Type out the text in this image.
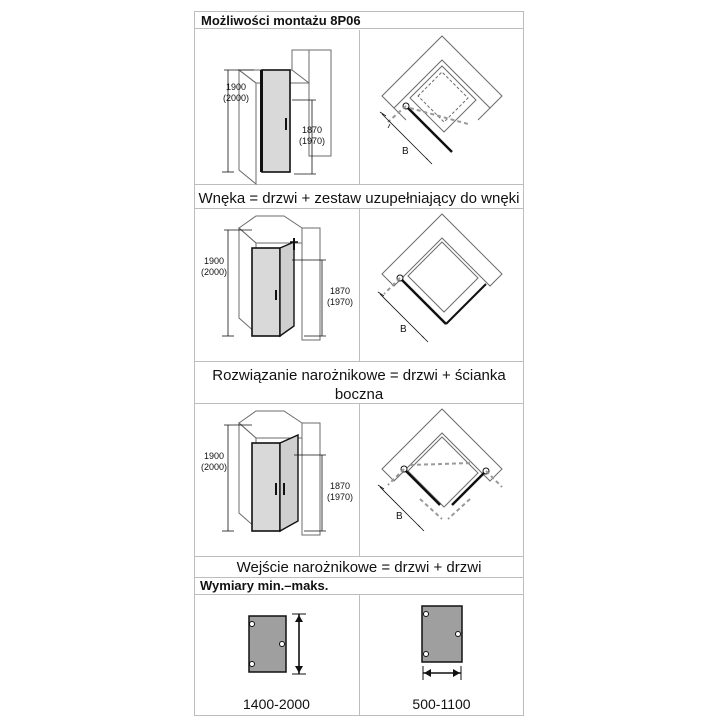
Możliwości montażu 8P06
1900
(2000)
1870
(1970)
B
Wnęka = drzwi + zestaw uzupełniający do wnęki
1900
(2000)
1870
(1970)
B
Rozwiązanie narożnikowe = drzwi + ścianka boczna
1900
(2000)
1870
(1970)
B
Wejście narożnikowe = drzwi + drzwi
Wymiary min.–maks.
1400-2000	500-1100
